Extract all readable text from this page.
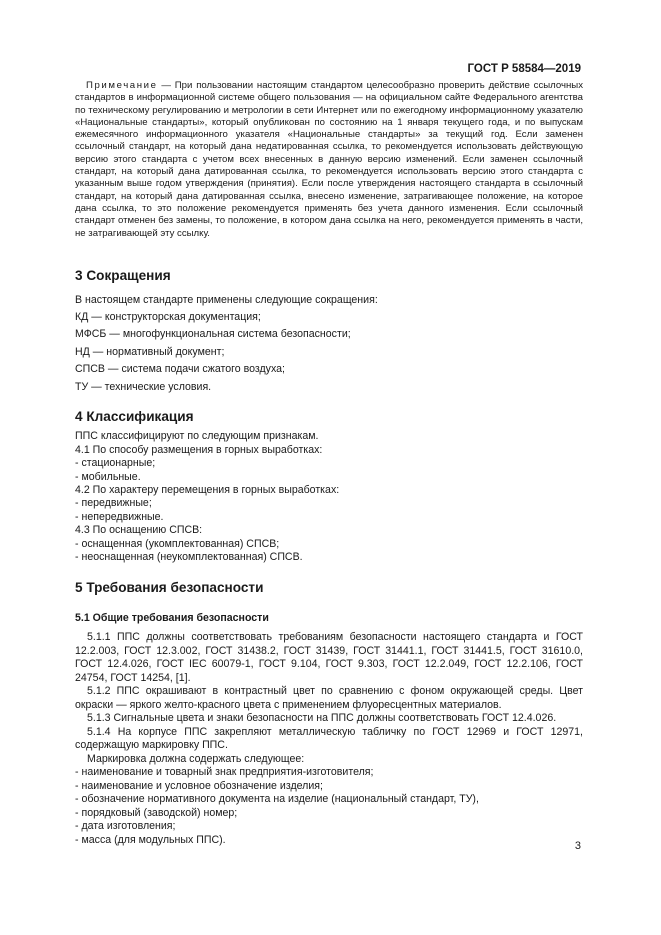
ГОСТ Р 58584—2019

Примечание — При пользовании настоящим стандартом целесообразно проверить действие ссылочных стандартов в информационной системе общего пользования — на официальном сайте Федерального агентства по техническому регулированию и метрологии в сети Интернет или по ежегодному информационному указателю «Национальные стандарты», который опубликован по состоянию на 1 января текущего года, и по выпускам ежемесячного информационного указателя «Национальные стандарты» за текущий год. Если заменен ссылочный стандарт, на который дана недатированная ссылка, то рекомендуется использовать действующую версию этого стандарта с учетом всех внесенных в данную версию изменений. Если заменен ссылочный стандарт, на который дана датированная ссылка, то рекомендуется использовать версию этого стандарта с указанным выше годом утверждения (принятия). Если после утверждения настоящего стандарта в ссылочный стандарт, на который дана датированная ссылка, внесено изменение, затрагивающее положение, на которое дана ссылка, то это положение рекомендуется применять без учета данного изменения. Если ссылочный стандарт отменен без замены, то положение, в котором дана ссылка на него, рекомендуется применять в части, не затрагивающей эту ссылку.

3 Сокращения

В настоящем стандарте применены следующие сокращения:

КД — конструкторская документация;

МФСБ — многофункциональная система безопасности;

НД — нормативный документ;

СПСВ — система подачи сжатого воздуха;

ТУ — технические условия.

4 Классификация

ППС классифицируют по следующим признакам.

4.1 По способу размещения в горных выработках:

- стационарные;

- мобильные.

4.2 По характеру перемещения в горных выработках:

- передвижные;

- непередвижные.

4.3 По оснащению СПСВ:

- оснащенная (укомплектованная) СПСВ;

- неоснащенная (неукомплектованная) СПСВ.

5 Требования безопасности
5.1 Общие требования безопасности

5.1.1 ППС должны соответствовать требованиям безопасности настоящего стандарта и ГОСТ 12.2.003, ГОСТ 12.3.002, ГОСТ 31438.2, ГОСТ 31439, ГОСТ 31441.1, ГОСТ 31441.5, ГОСТ 31610.0, ГОСТ 12.4.026, ГОСТ IEC 60079-1, ГОСТ 9.104, ГОСТ 9.303, ГОСТ 12.2.049, ГОСТ 12.2.106, ГОСТ 24754, ГОСТ 14254, [1].

5.1.2 ППС окрашивают в контрастный цвет по сравнению с фоном окружающей среды. Цвет окраски — яркого желто-красного цвета с применением флуоресцентных материалов.

5.1.3 Сигнальные цвета и знаки безопасности на ППС должны соответствовать ГОСТ 12.4.026.

5.1.4 На корпусе ППС закрепляют металлическую табличку по ГОСТ 12969 и ГОСТ 12971, содержащую маркировку ППС.

Маркировка должна содержать следующее:

- наименование и товарный знак предприятия-изготовителя;

- наименование и условное обозначение изделия;

- обозначение нормативного документа на изделие (национальный стандарт, ТУ),

- порядковый (заводской) номер;

- дата изготовления;

- масса (для модульных ППС).

3
